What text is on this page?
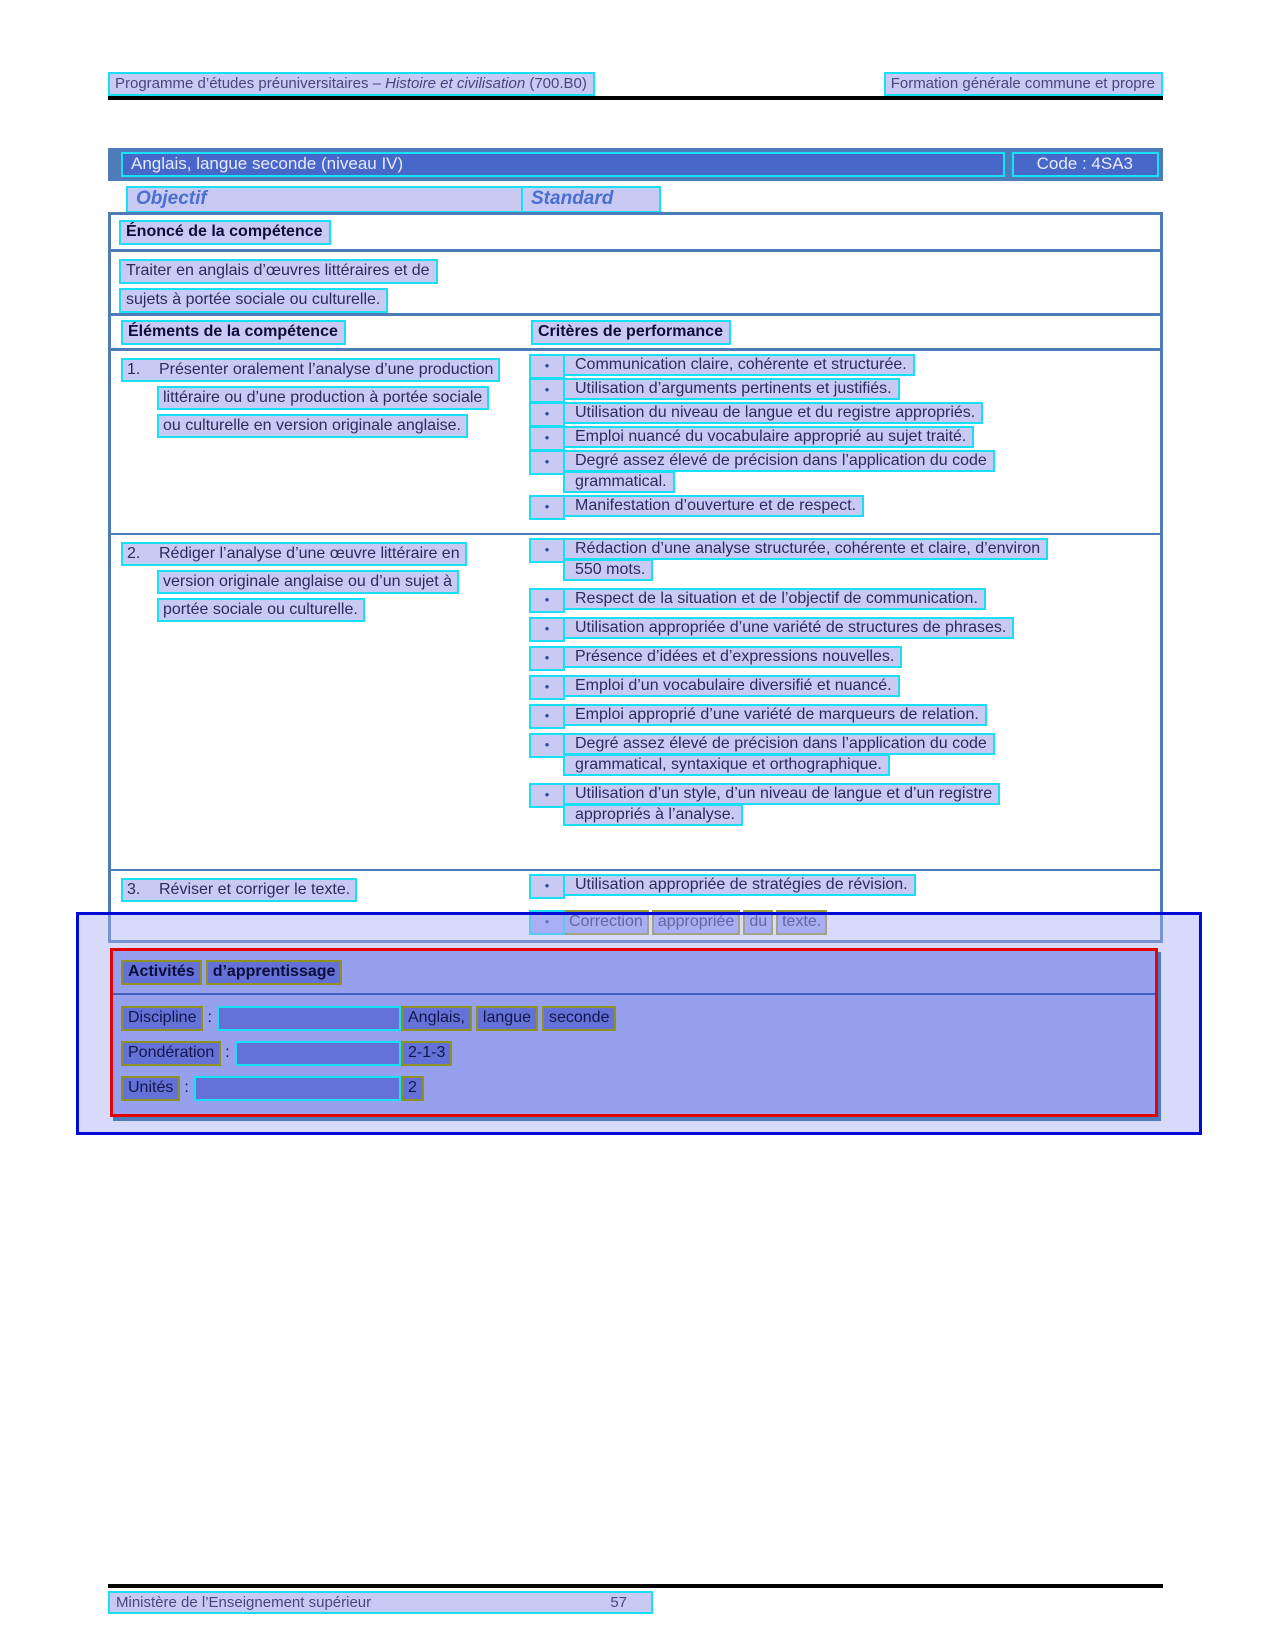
Programme d’études préuniversitaires – Histoire et civilisation (700.B0)	Formation générale commune et propre
Anglais, langue seconde (niveau IV)	Code : 4SA3
Objectif	Standard
Énoncé de la compétence
Traiter en anglais d’œuvres littéraires et de
sujets à portée sociale ou culturelle.
Éléments de la compétence	Critères de performance
1. Présenter oralement l’analyse d’une production littéraire ou d’une production à portée sociale ou culturelle en version originale anglaise.
•	Communication claire, cohérente et structurée.
•	Utilisation d’arguments pertinents et justifiés.
•	Utilisation du niveau de langue et du registre appropriés.
•	Emploi nuancé du vocabulaire approprié au sujet traité.
•	Degré assez élevé de précision dans l’application du code grammatical.
•	Manifestation d’ouverture et de respect.
2. Rédiger l’analyse d’une œuvre littéraire en version originale anglaise ou d’un sujet à portée sociale ou culturelle.
•	Rédaction d’une analyse structurée, cohérente et claire, d’environ 550 mots.
•	Respect de la situation et de l’objectif de communication.
•	Utilisation appropriée d’une variété de structures de phrases.
•	Présence d’idées et d’expressions nouvelles.
•	Emploi d’un vocabulaire diversifié et nuancé.
•	Emploi approprié d’une variété de marqueurs de relation.
•	Degré assez élevé de précision dans l’application du code grammatical, syntaxique et orthographique.
•	Utilisation d’un style, d’un niveau de langue et d’un registre appropriés à l’analyse.
3. Réviser et corriger le texte.	•	Utilisation appropriée de stratégies de révision.
•	Correction appropriée du texte.
Activités d’apprentissage
Discipline :	Anglais,	langue	seconde
Pondération :	2-1-3
Unités :	2
Ministère de l’Enseignement supérieur	57
